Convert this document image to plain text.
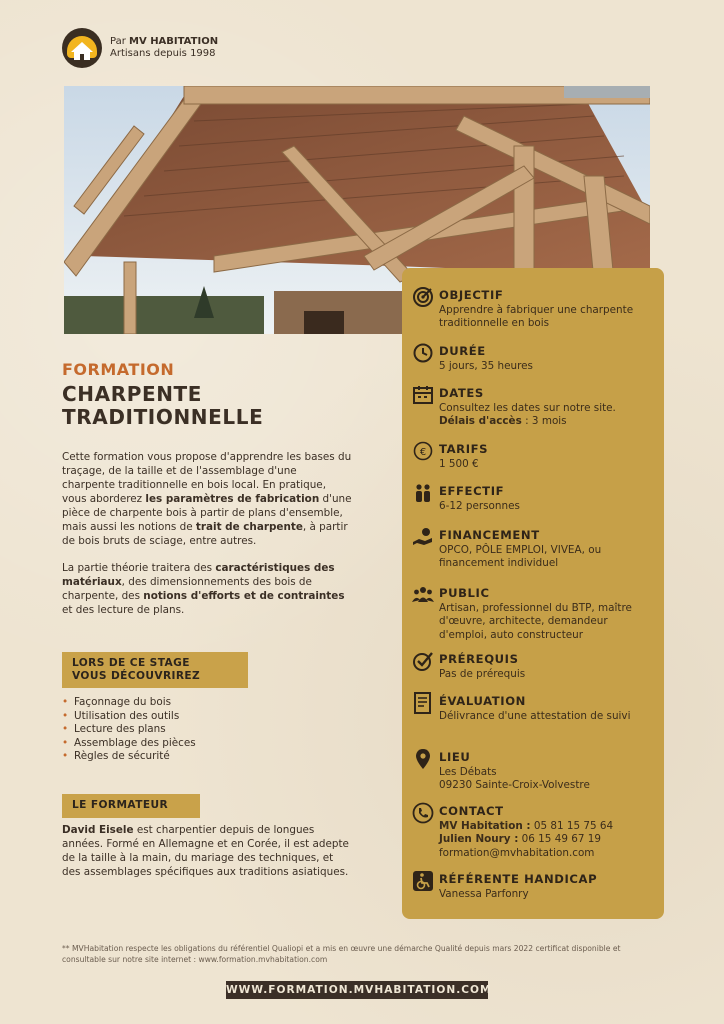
Par MV HABITATION
Artisans depuis 1998
FORMATION
CHARPENTE
TRADITIONNELLE

Cette formation vous propose d'apprendre les bases du traçage, de la taille et de l'assemblage d'une charpente traditionnelle en bois local. En pratique, vous aborderez les paramètres de fabrication d'une pièce de charpente bois à partir de plans d'ensemble, mais aussi les notions de trait de charpente, à partir de bois bruts de sciage, entre autres.

La partie théorie traitera des caractéristiques des matériaux, des dimensionnements des bois de charpente, des notions d'efforts et de contraintes et des lecture de plans.

LORS DE CE STAGE
VOUS DÉCOUVRIREZ
• Façonnage du bois
• Utilisation des outils
• Lecture des plans
• Assemblage des pièces
• Règles de sécurité
LE FORMATEUR
David Eisele est charpentier depuis de longues années. Formé en Allemagne et en Corée, il est adepte de la taille à la main, du mariage des techniques, et des assemblages spécifiques aux traditions asiatiques.
OBJECTIF
Apprendre à fabriquer une charpente traditionnelle en bois
DURÉE
5 jours, 35 heures
DATES
Consultez les dates sur notre site.
Délais d'accès : 3 mois
€ TARIFS
1 500 €
EFFECTIF
6-12 personnes
FINANCEMENT
OPCO, PÔLE EMPLOI, VIVEA, ou financement individuel
PUBLIC
Artisan, professionnel du BTP, maître d'œuvre, architecte, demandeur d'emploi, auto constructeur
PRÉREQUIS
Pas de prérequis
ÉVALUATION
Délivrance d'une attestation de suivi
LIEU
Les Débats
09230 Sainte-Croix-Volvestre
CONTACT
MV Habitation : 05 81 15 75 64
Julien Noury : 06 15 49 67 19
formation@mvhabitation.com
RÉFÉRENTE HANDICAP
Vanessa Parfonry
** MVHabitation respecte les obligations du référentiel Qualiopi et a mis en œuvre une démarche Qualité depuis mars 2022 certificat disponible et consultable sur notre site internet : www.formation.mvhabitation.com
WWW.FORMATION.MVHABITATION.COM
